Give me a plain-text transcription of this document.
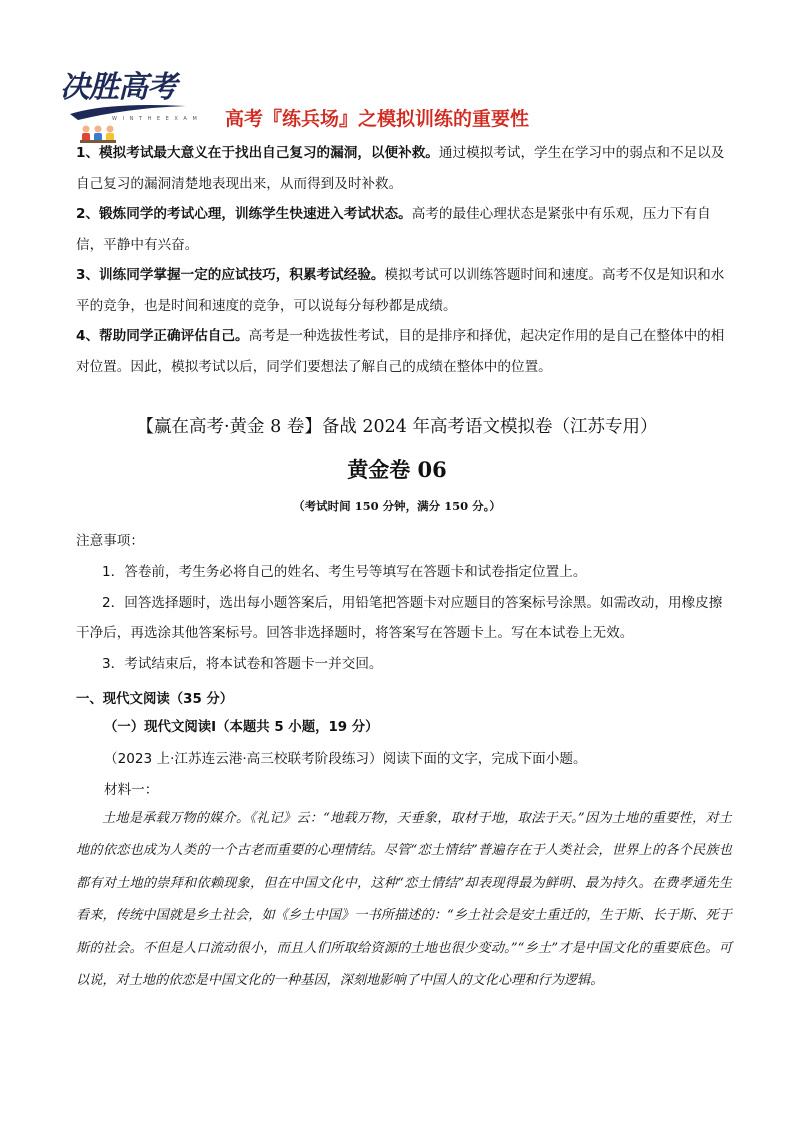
决胜高考
W I N T H E E X A M 高考『练兵场』之模拟训练的重要性

1、模拟考试最大意义在于找出自己复习的漏洞，以便补救。通过模拟考试，学生在学习中的弱点和不足以及自己复习的漏洞清楚地表现出来，从而得到及时补救。

2、锻炼同学的考试心理，训练学生快速进入考试状态。高考的最佳心理状态是紧张中有乐观，压力下有自信，平静中有兴奋。

3、训练同学掌握一定的应试技巧，积累考试经验。模拟考试可以训练答题时间和速度。高考不仅是知识和水平的竞争，也是时间和速度的竞争，可以说每分每秒都是成绩。

4、帮助同学正确评估自己。高考是一种选拔性考试，目的是排序和择优，起决定作用的是自己在整体中的相对位置。因此，模拟考试以后，同学们要想法了解自己的成绩在整体中的位置。

【赢在高考·黄金 8 卷】备战 2024 年高考语文模拟卷（江苏专用）
黄金卷 06
（考试时间 150 分钟，满分 150 分。）

注意事项：

1．答卷前，考生务必将自己的姓名、考生号等填写在答题卡和试卷指定位置上。

2．回答选择题时，选出每小题答案后，用铅笔把答题卡对应题目的答案标号涂黑。如需改动，用橡皮擦干净后，再选涂其他答案标号。回答非选择题时，将答案写在答题卡上。写在本试卷上无效。

3．考试结束后，将本试卷和答题卡一并交回。

一、现代文阅读（35 分）
（一）现代文阅读Ⅰ（本题共 5 小题，19 分）
（2023 上·江苏连云港·高三校联考阶段练习）阅读下面的文字，完成下面小题。
材料一：

土地是承载万物的媒介。《礼记》云：“地载万物，天垂象，取材于地，取法于天。”因为土地的重要性，对土地的依恋也成为人类的一个古老而重要的心理情结。尽管“恋土情结”普遍存在于人类社会，世界上的各个民族也都有对土地的崇拜和依赖现象，但在中国文化中，这种“恋土情结”却表现得最为鲜明、最为持久。在费孝通先生看来，传统中国就是乡土社会，如《乡土中国》一书所描述的：“乡土社会是安土重迁的，生于斯、长于斯、死于斯的社会。不但是人口流动很小，而且人们所取给资源的土地也很少变动。”“乡土”才是中国文化的重要底色。可以说，对土地的依恋是中国文化的一种基因，深刻地影响了中国人的文化心理和行为逻辑。
